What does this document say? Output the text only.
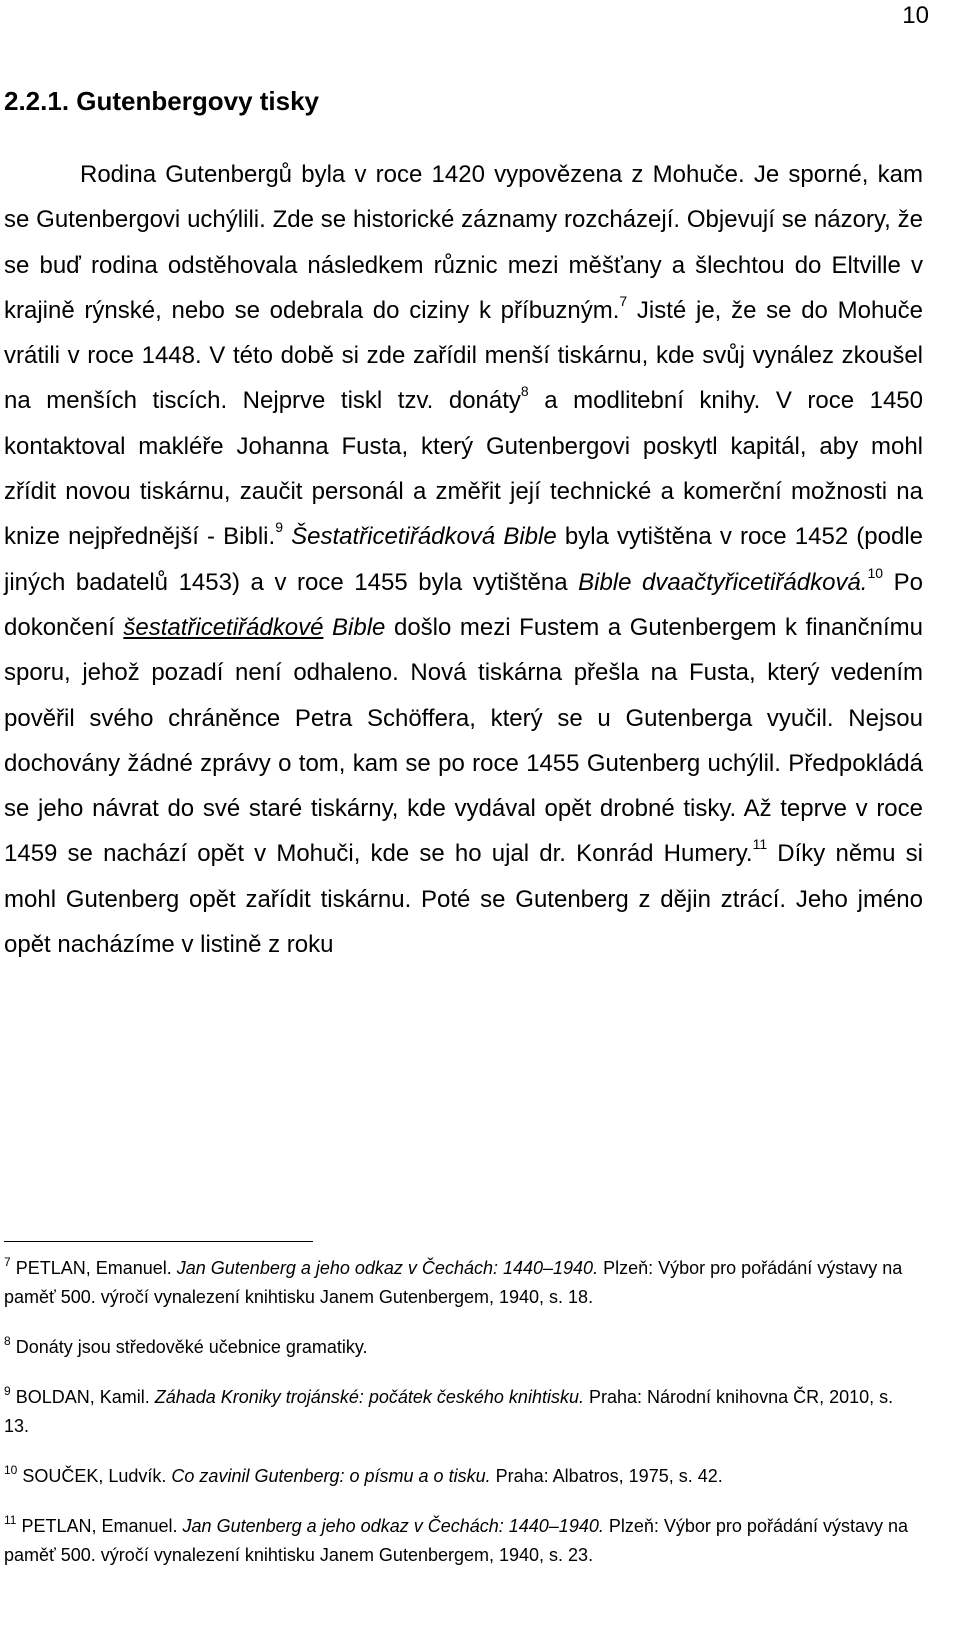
10
2.2.1. Gutenbergovy tisky

Rodina Gutenbergů byla v roce 1420 vypovězena z Mohuče. Je sporné, kam se Gutenbergovi uchýlili. Zde se historické záznamy rozcházejí. Objevují se názory, že se buď rodina odstěhovala následkem různic mezi měšťany a šlechtou do Eltville v krajině rýnské, nebo se odebrala do ciziny k příbuzným.$^7$ Jisté je, že se do Mohuče vrátili v roce 1448. V této době si zde zařídil menší tiskárnu, kde svůj vynález zkoušel na menších tiscích. Nejprve tiskl tzv. donáty$^8$ a modlitební knihy. V roce 1450 kontaktoval makléře Johanna Fusta, který Gutenbergovi poskytl kapitál, aby mohl zřídit novou tiskárnu, zaučit personál a změřit její technické a komerční možnosti na knize nejpřednější - Bibli.$^9$ Šestatřicetiřádková Bible byla vytištěna v roce 1452 (podle jiných badatelů 1453) a v roce 1455 byla vytištěna Bible dvaačtyřicetiřádková.$^{10}$ Po dokončení šestatřicetiřádkové Bible došlo mezi Fustem a Gutenbergem k finančnímu sporu, jehož pozadí není odhaleno. Nová tiskárna přešla na Fusta, který vedením pověřil svého chráněnce Petra Schöffera, který se u Gutenberga vyučil. Nejsou dochovány žádné zprávy o tom, kam se po roce 1455 Gutenberg uchýlil. Předpokládá se jeho návrat do své staré tiskárny, kde vydával opět drobné tisky. Až teprve v roce 1459 se nachází opět v Mohuči, kde se ho ujal dr. Konrád Humery.$^{11}$ Díky němu si mohl Gutenberg opět zařídit tiskárnu. Poté se Gutenberg z dějin ztrácí. Jeho jméno opět nacházíme v listině z roku

$^7$ PETLAN, Emanuel. Jan Gutenberg a jeho odkaz v Čechách: 1440–1940. Plzeň: Výbor pro pořádání výstavy na paměť 500. výročí vynalezení knihtisku Janem Gutenbergem, 1940, s. 18.

$^8$ Donáty jsou středověké učebnice gramatiky.

$^9$ BOLDAN, Kamil. Záhada Kroniky trojánské: počátek českého knihtisku. Praha: Národní knihovna ČR, 2010, s. 13.

$^{10}$ SOUČEK, Ludvík. Co zavinil Gutenberg: o písmu a o tisku. Praha: Albatros, 1975, s. 42.

$^{11}$ PETLAN, Emanuel. Jan Gutenberg a jeho odkaz v Čechách: 1440–1940. Plzeň: Výbor pro pořádání výstavy na paměť 500. výročí vynalezení knihtisku Janem Gutenbergem, 1940, s. 23.
